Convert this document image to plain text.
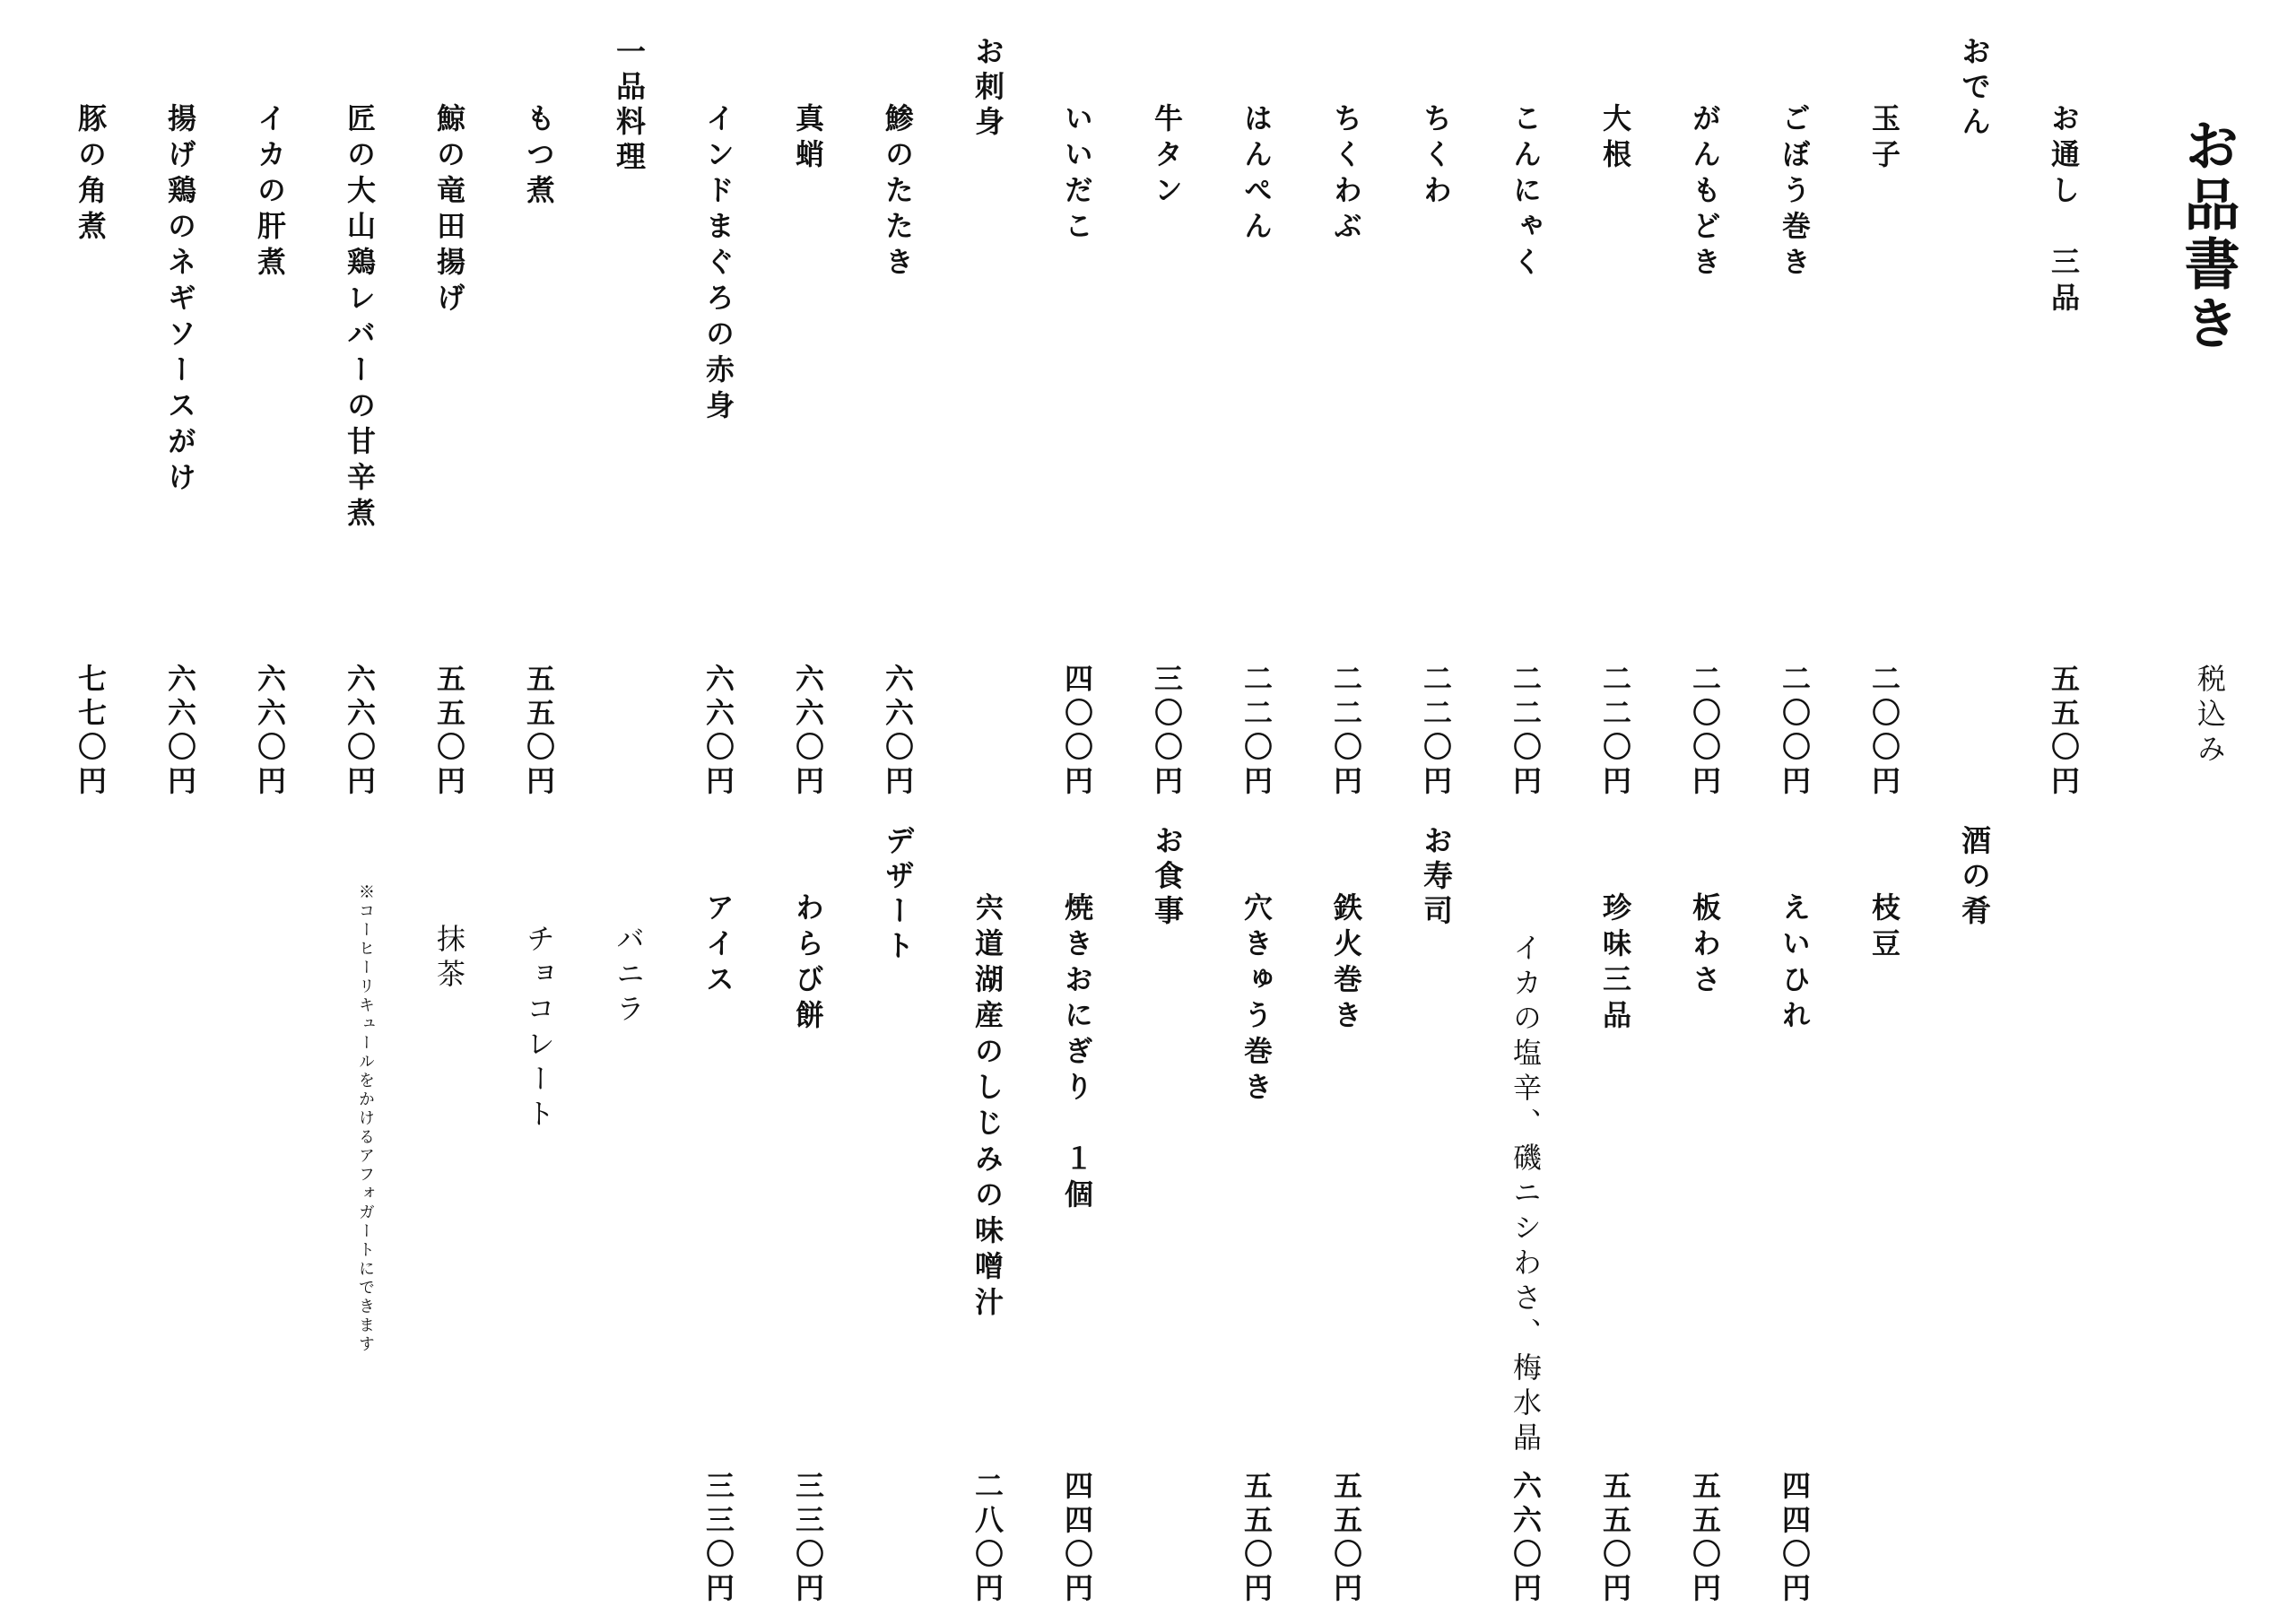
お品書き
税込み
お通し　三品
五五〇円
おでん
玉子
二〇〇円
ごぼう巻き
二〇〇円
がんもどき
二〇〇円
大根
二二〇円
こんにゃく
二二〇円
ちくわ
二二〇円
ちくわぶ
二二〇円
はんぺん
二二〇円
牛タン
三〇〇円
いいだこ
四〇〇円
お刺身
鯵のたたき
六六〇円
真蛸
六六〇円
インドまぐろの赤身
六六〇円
一品料理
もつ煮
五五〇円
鯨の竜田揚げ
五五〇円
匠の大山鶏レバーの甘辛煮
六六〇円
イカの肝煮
六六〇円
揚げ鶏のネギソースがけ
六六〇円
豚の角煮
七七〇円
酒の肴
枝豆
えいひれ
四四〇円
板わさ
五五〇円
珍味三品
五五〇円
イカの塩辛、磯ニシわさ、梅水晶
六六〇円
お寿司
鉄火巻き
五五〇円
穴きゅう巻き
五五〇円
お食事
焼きおにぎり　１個
四四〇円
宍道湖産のしじみの味噌汁
二八〇円
デザート
わらび餅
三三〇円
アイス
三三〇円
バニラ
チョコレート
抹茶
※コーヒーリキュールをかけるアフォガートにできます
